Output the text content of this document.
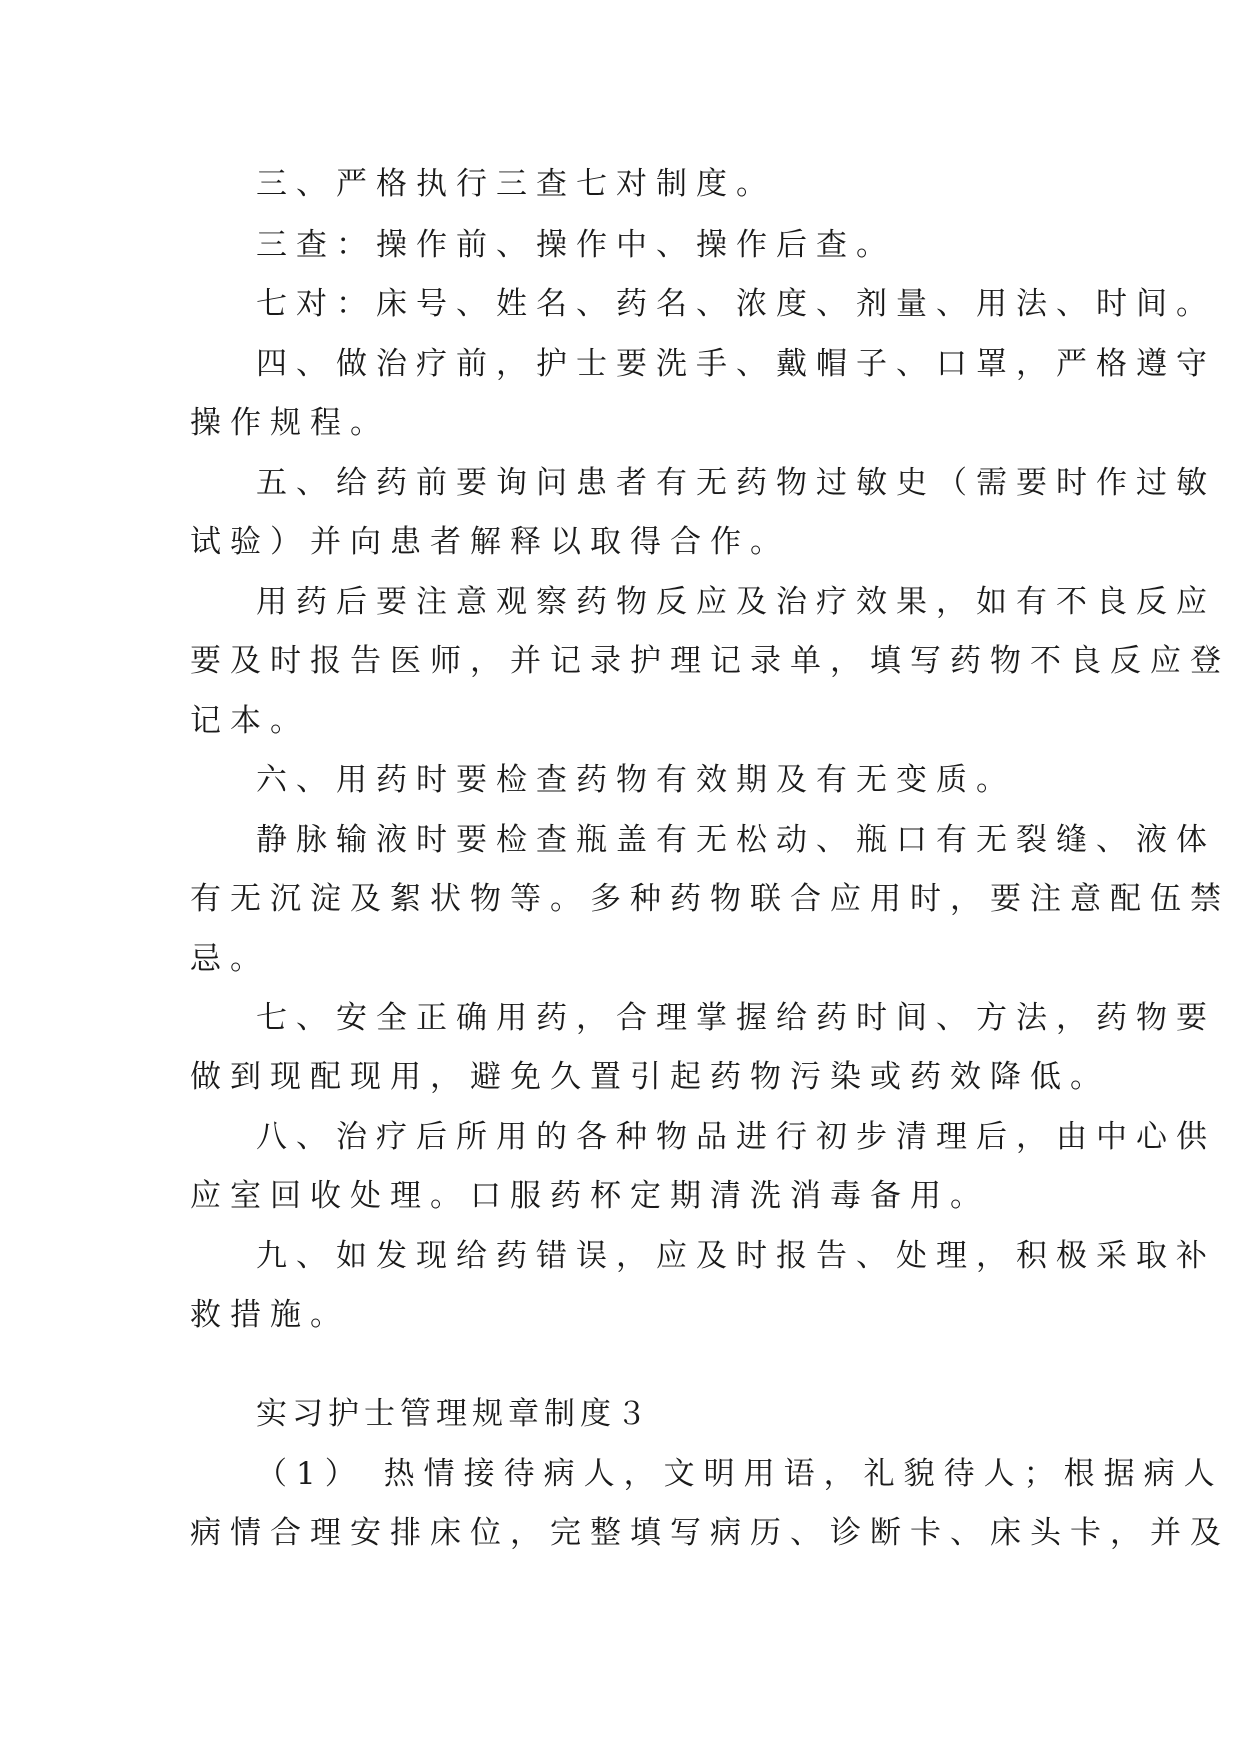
三、严格执行三查七对制度。
三查：操作前、操作中、操作后查。
七对：床号、姓名、药名、浓度、剂量、用法、时间。
四、做治疗前，护士要洗手、戴帽子、口罩，严格遵守
操作规程。
五、给药前要询问患者有无药物过敏史（需要时作过敏
试验）并向患者解释以取得合作。
用药后要注意观察药物反应及治疗效果，如有不良反应
要及时报告医师，并记录护理记录单，填写药物不良反应登
记本。
六、用药时要检查药物有效期及有无变质。
静脉输液时要检查瓶盖有无松动、瓶口有无裂缝、液体
有无沉淀及絮状物等。多种药物联合应用时，要注意配伍禁
忌。
七、安全正确用药，合理掌握给药时间、方法，药物要
做到现配现用，避免久置引起药物污染或药效降低。
八、治疗后所用的各种物品进行初步清理后，由中心供
应室回收处理。口服药杯定期清洗消毒备用。
九、如发现给药错误，应及时报告、处理，积极采取补
救措施。
实习护士管理规章制度３
（1） 热情接待病人，文明用语，礼貌待人；根据病人
病情合理安排床位，完整填写病历、诊断卡、床头卡，并及
